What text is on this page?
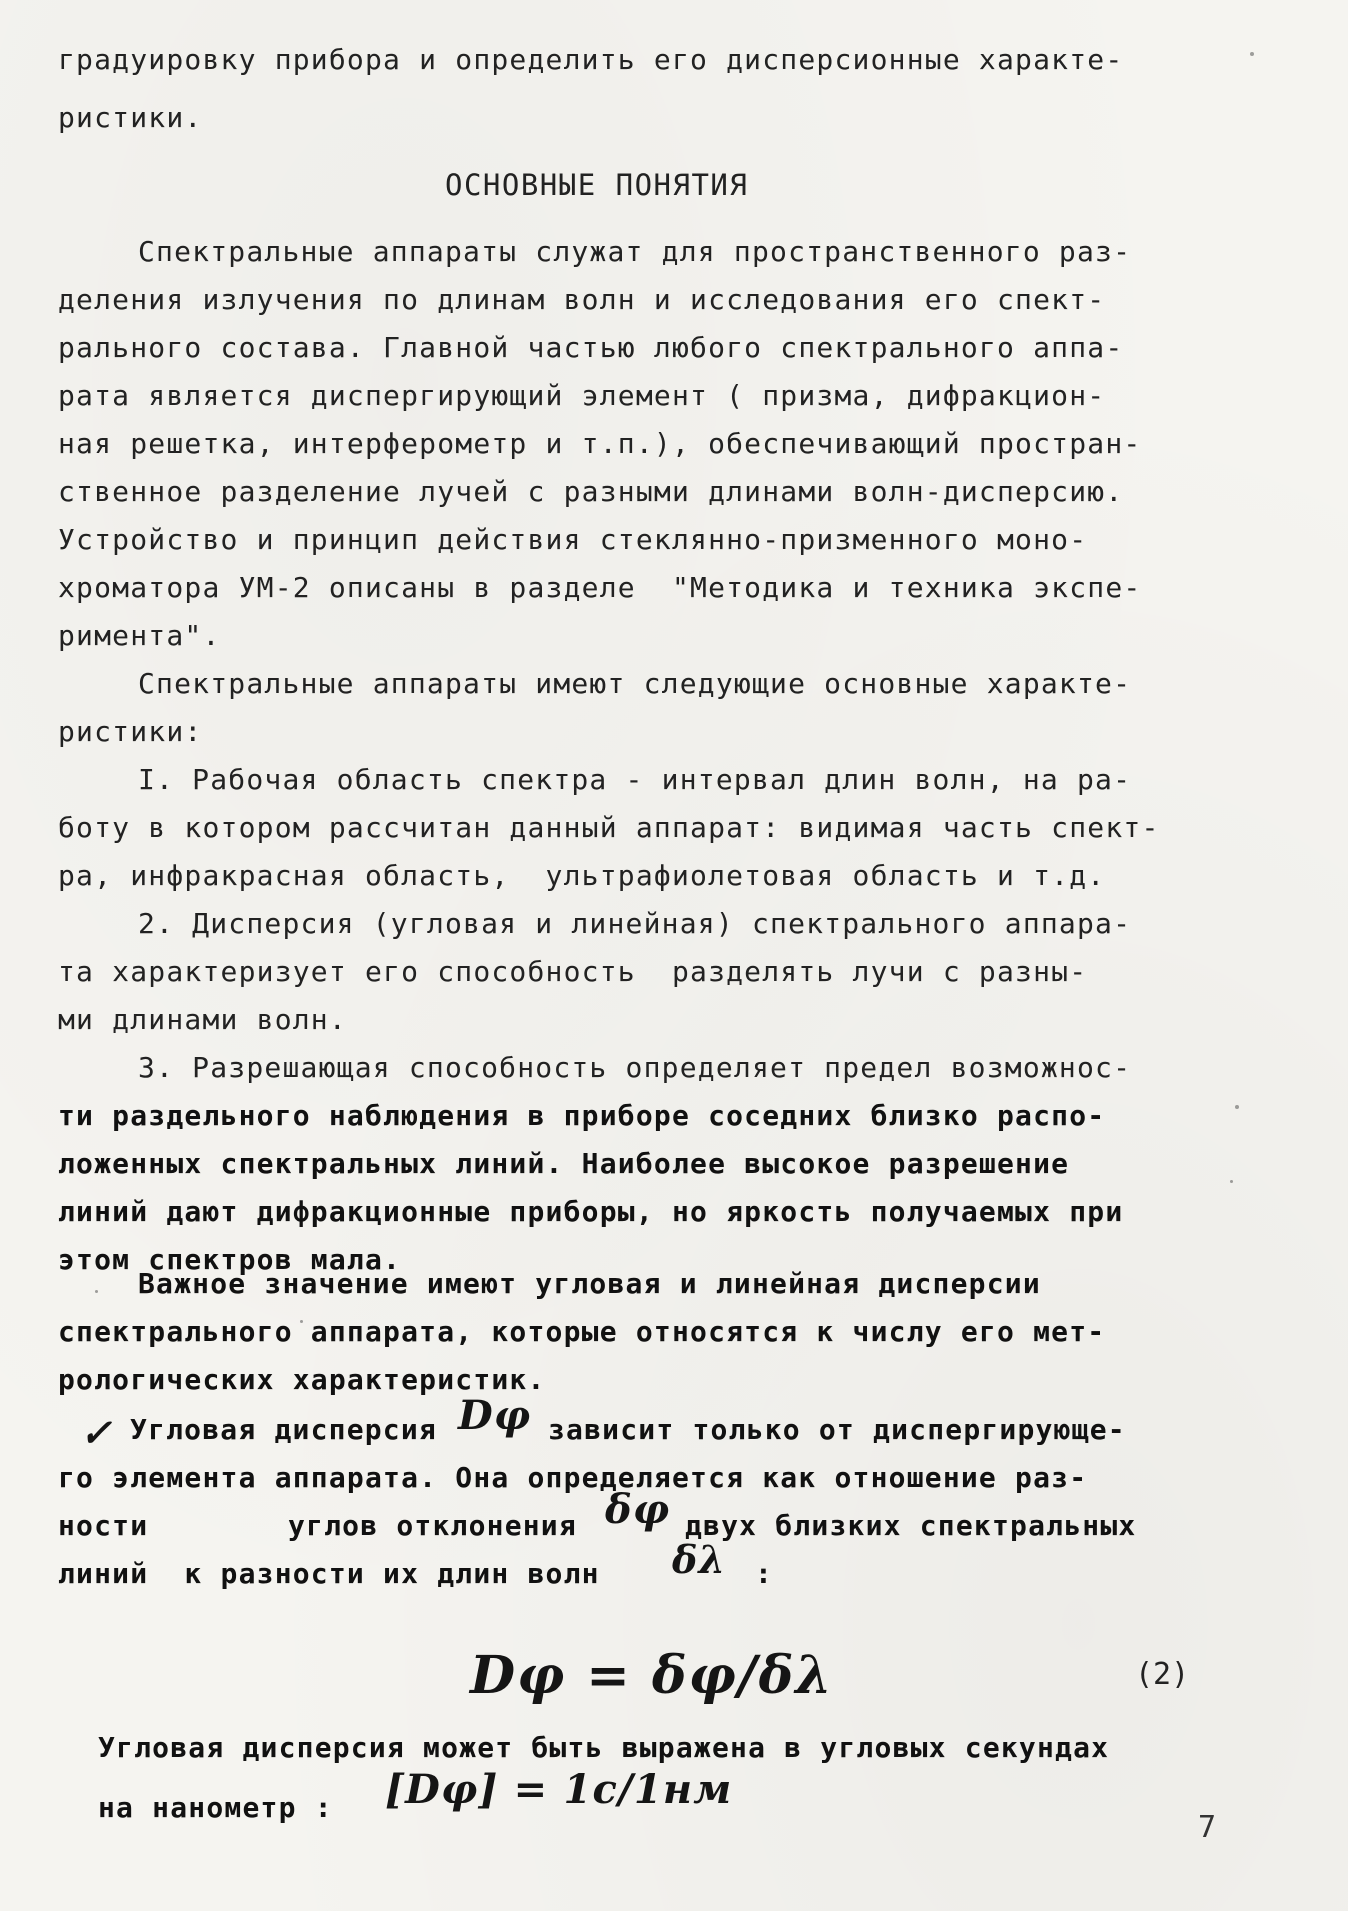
градуировку прибора и определить его дисперсионные характе-
ристики.
ОСНОВНЫЕ ПОНЯТИЯ
Спектральные аппараты служат для пространственного раз-
деления излучения по длинам волн и исследования его спект-
рального состава. Главной частью любого спектрального аппа-
рата является диспергирующий элемент ( призма, дифракцион-
ная решетка, интерферометр и т.п.), обеспечивающий простран-
ственное разделение лучей с разными длинами волн-дисперсию.
Устройство и принцип действия стеклянно-призменного моно-
хроматора УМ-2 описаны в разделе  "Методика и техника экспе-
римента".
Спектральные аппараты имеют следующие основные характе-
ристики:
I. Рабочая область спектра - интервал длин волн, на ра-
боту в котором рассчитан данный аппарат: видимая часть спект-
ра, инфракрасная область,  ультрафиолетовая область и т.д.
2. Дисперсия (угловая и линейная) спектрального аппара-
та характеризует его способность  разделять лучи с разны-
ми длинами волн.
3. Разрешающая способность определяет предел возможнос-
ти раздельного наблюдения в приборе соседних близко распо-
ложенных спектральных линий. Наиболее высокое разрешение
линий дают дифракционные приборы, но яркость получаемых при
этом спектров мала.
Важное значение имеют угловая и линейная дисперсии
спектрального аппарата, которые относятся к числу его мет-
рологических характеристик.
✓ Угловая дисперсия Dφ зависит только от диспергирующе-
го элемента аппарата. Она определяется как отношение раз-
ности	углов отклонения δφ двух близких спектральных
линий  к разности их длин волн δλ :
Dφ = δφ/δλ	(2)
Угловая дисперсия может быть выражена в угловых секундах
на нанометр : [Dφ] = 1c/1нм
7
